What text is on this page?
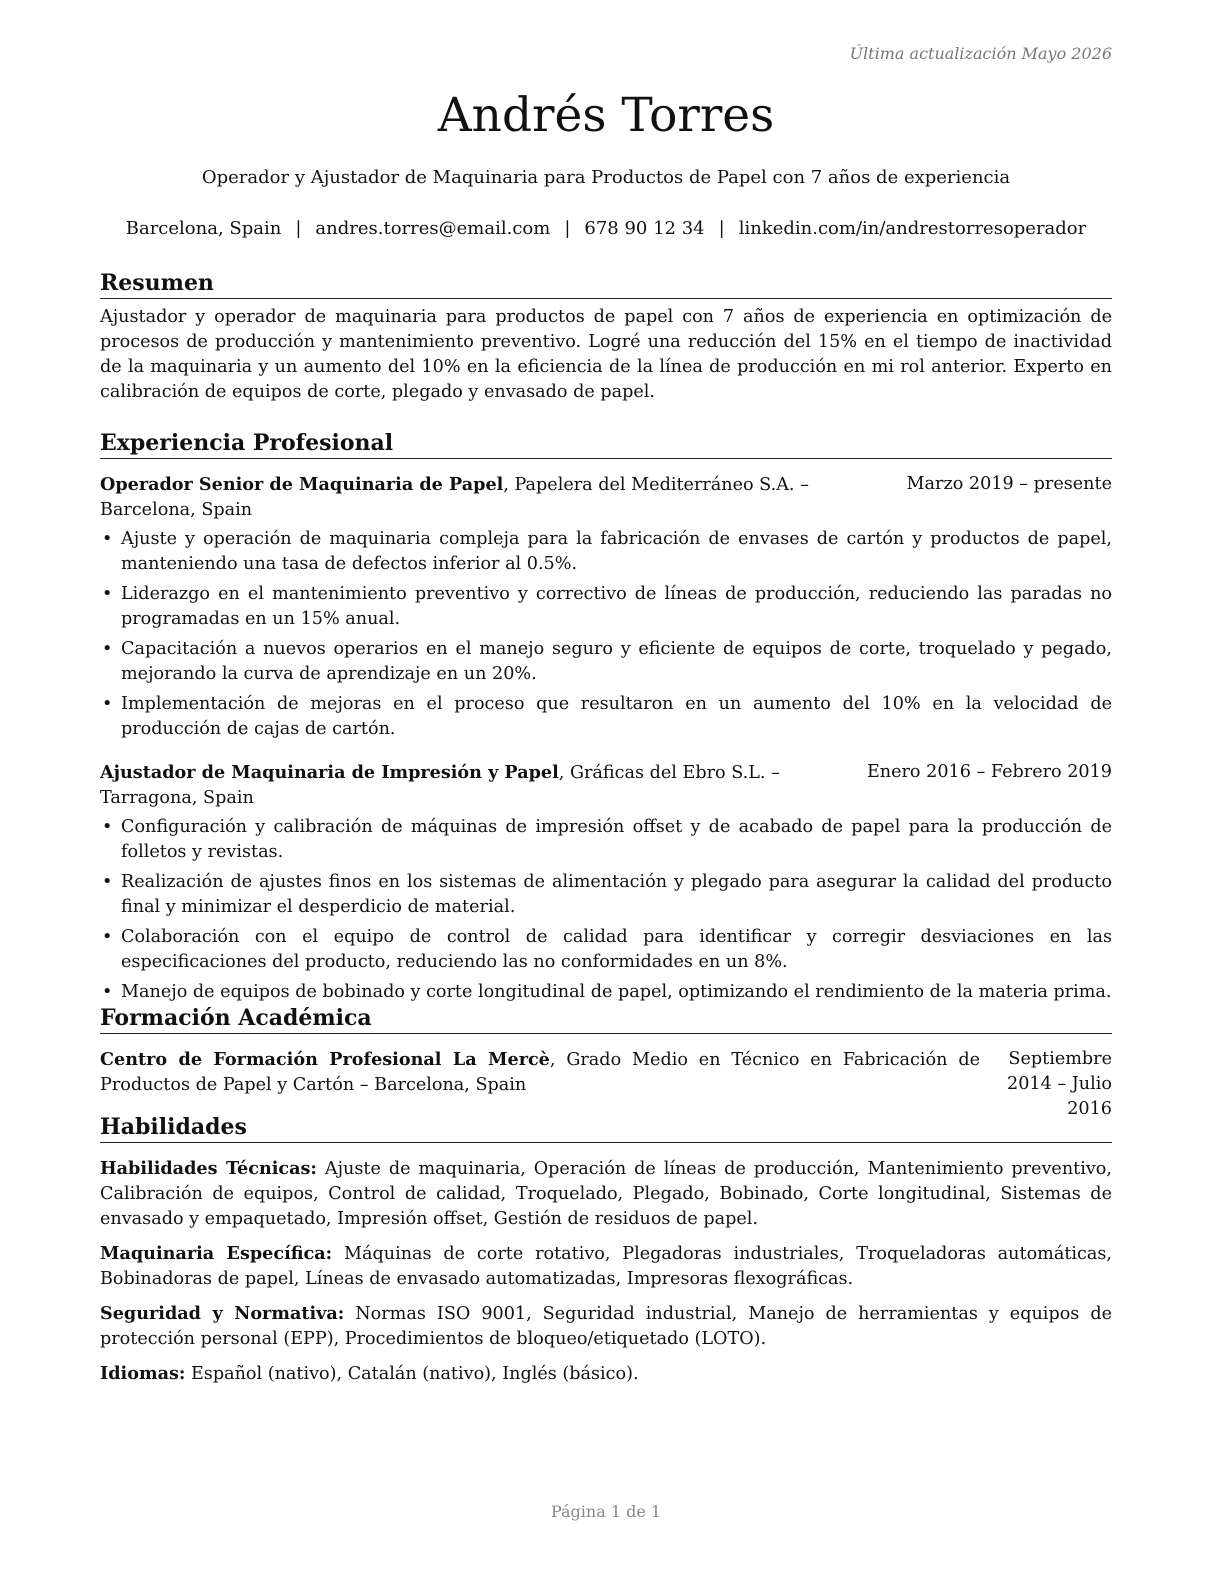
Última actualización Mayo 2026
Andrés Torres
Operador y Ajustador de Maquinaria para Productos de Papel con 7 años de experiencia
Barcelona, Spain | andres.torres@email.com | 678 90 12 34 | linkedin.com/in/andrestorresoperador
Resumen

Ajustador y operador de maquinaria para productos de papel con 7 años de experiencia en optimización de procesos de producción y mantenimiento preventivo. Logré una reducción del 15% en el tiempo de inactividad de la maquinaria y un aumento del 10% en la eficiencia de la línea de producción en mi rol anterior. Experto en calibración de equipos de corte, plegado y envasado de papel.

Experiencia Profesional
Operador Senior de Maquinaria de Papel, Papelera del Mediterráneo S.A. – Barcelona, Spain
Marzo 2019 – presente
• Ajuste y operación de maquinaria compleja para la fabricación de envases de cartón y productos de papel, manteniendo una tasa de defectos inferior al 0.5%.
• Liderazgo en el mantenimiento preventivo y correctivo de líneas de producción, reduciendo las paradas no programadas en un 15% anual.
• Capacitación a nuevos operarios en el manejo seguro y eficiente de equipos de corte, troquelado y pegado, mejorando la curva de aprendizaje en un 20%.
• Implementación de mejoras en el proceso que resultaron en un aumento del 10% en la velocidad de producción de cajas de cartón.
Ajustador de Maquinaria de Impresión y Papel, Gráficas del Ebro S.L. – Tarragona, Spain
Enero 2016 – Febrero 2019
• Configuración y calibración de máquinas de impresión offset y de acabado de papel para la producción de folletos y revistas.
• Realización de ajustes finos en los sistemas de alimentación y plegado para asegurar la calidad del producto final y minimizar el desperdicio de material.
• Colaboración con el equipo de control de calidad para identificar y corregir desviaciones en las especificaciones del producto, reduciendo las no conformidades en un 8%.
• Manejo de equipos de bobinado y corte longitudinal de papel, optimizando el rendimiento de la materia prima.
Formación Académica
Centro de Formación Profesional La Mercè, Grado Medio en Técnico en Fabricación de Productos de Papel y Cartón – Barcelona, Spain
Septiembre 2014 – Julio 2016
Habilidades

Habilidades Técnicas: Ajuste de maquinaria, Operación de líneas de producción, Mantenimiento preventivo, Calibración de equipos, Control de calidad, Troquelado, Plegado, Bobinado, Corte longitudinal, Sistemas de envasado y empaquetado, Impresión offset, Gestión de residuos de papel.

Maquinaria Específica: Máquinas de corte rotativo, Plegadoras industriales, Troqueladoras automáticas, Bobinadoras de papel, Líneas de envasado automatizadas, Impresoras flexográficas.

Seguridad y Normativa: Normas ISO 9001, Seguridad industrial, Manejo de herramientas y equipos de protección personal (EPP), Procedimientos de bloqueo/etiquetado (LOTO).

Idiomas: Español (nativo), Catalán (nativo), Inglés (básico).

Página 1 de 1
